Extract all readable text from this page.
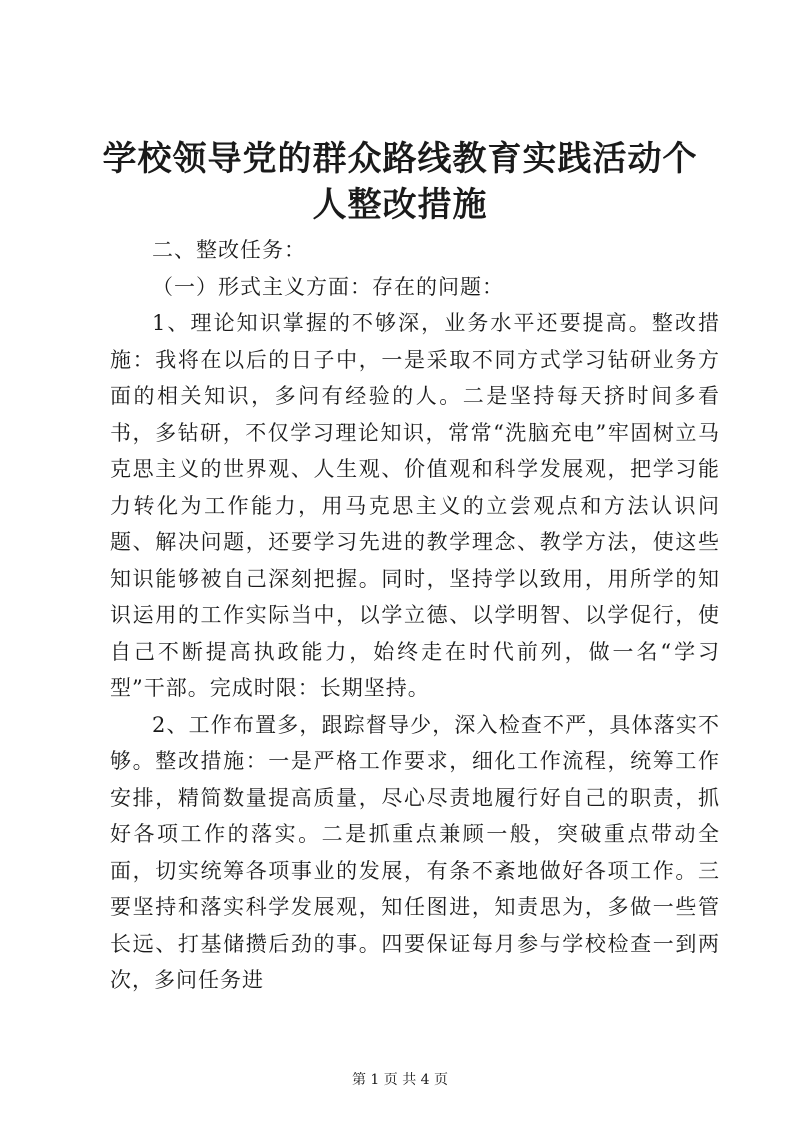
学校领导党的群众路线教育实践活动个人整改措施

二、整改任务：

（一）形式主义方面：存在的问题：

1、理论知识掌握的不够深，业务水平还要提高。整改措施：我将在以后的日子中，一是采取不同方式学习钻研业务方面的相关知识，多问有经验的人。二是坚持每天挤时间多看书，多钻研，不仅学习理论知识，常常“洗脑充电”牢固树立马克思主义的世界观、人生观、价值观和科学发展观，把学习能力转化为工作能力，用马克思主义的立尝观点和方法认识问题、解决问题，还要学习先进的教学理念、教学方法，使这些知识能够被自己深刻把握。同时，坚持学以致用，用所学的知识运用的工作实际当中，以学立德、以学明智、以学促行，使自己不断提高执政能力，始终走在时代前列，做一名“学习型”干部。完成时限：长期坚持。

2、工作布置多，跟踪督导少，深入检查不严，具体落实不够。整改措施：一是严格工作要求，细化工作流程，统筹工作安排，精简数量提高质量，尽心尽责地履行好自己的职责，抓好各项工作的落实。二是抓重点兼顾一般，突破重点带动全面，切实统筹各项事业的发展，有条不紊地做好各项工作。三要坚持和落实科学发展观，知任图进，知责思为，多做一些管长远、打基储攒后劲的事。四要保证每月参与学校检查一到两次，多问任务进

第 1 页 共 4 页
